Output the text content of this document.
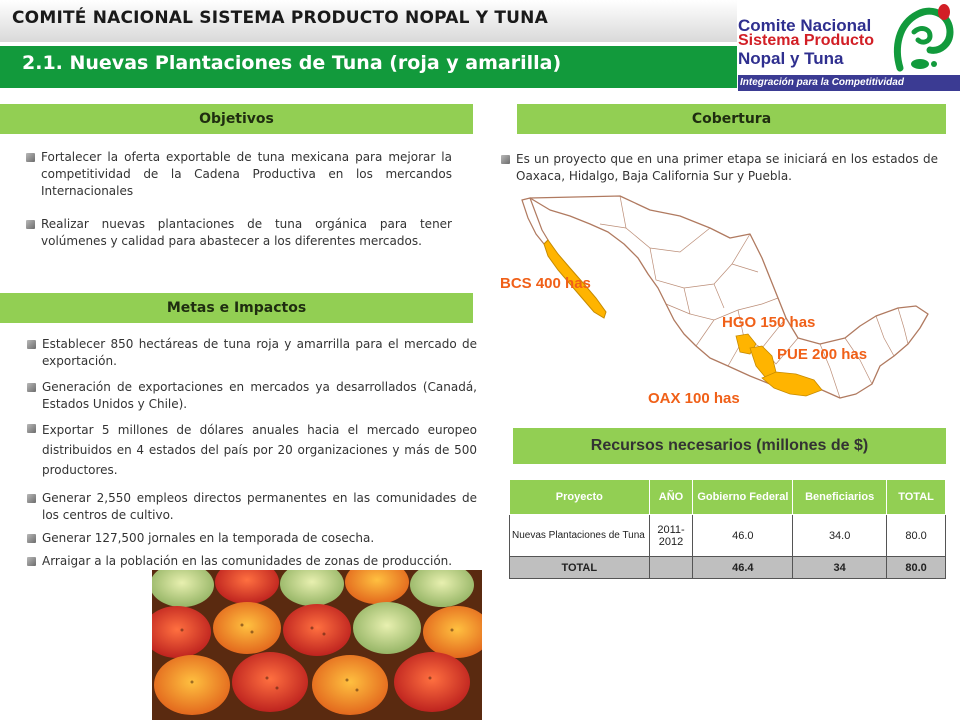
COMITÉ NACIONAL SISTEMA PRODUCTO NOPAL Y TUNA
2.1. Nuevas Plantaciones de Tuna (roja y amarilla)
Comite Nacional
Sistema Producto
Nopal y Tuna
Integración para la Competitividad
Objetivos
Fortalecer la oferta exportable de tuna mexicana para mejorar la competitividad de la Cadena Productiva en los mercandos Internacionales
Realizar nuevas plantaciones de tuna orgánica para tener volúmenes y calidad para abastecer a los diferentes mercados.
Metas e Impactos
Establecer 850 hectáreas de tuna roja y amarrilla para el mercado de exportación.
Generación de exportaciones en mercados ya desarrollados (Canadá, Estados Unidos y Chile).
Exportar 5 millones de dólares anuales hacia el mercado europeo distribuidos en 4 estados del país por 20 organizaciones y más de 500 productores.
Generar 2,550 empleos directos permanentes en las comunidades de los centros de cultivo.
Generar 127,500 jornales en la temporada de cosecha.
Arraigar a la población en las comunidades de zonas de producción.
Cobertura
Es un proyecto que en una primer etapa se iniciará en los estados de Oaxaca, Hidalgo, Baja California Sur y Puebla.
BCS 400 has
HGO 150 has
PUE 200 has
OAX 100 has
Recursos necesarios (millones de $)
Proyecto	AÑO	Gobierno Federal	Beneficiarios	TOTAL
Nuevas Plantaciones de Tuna	2011-2012	46.0	34.0	80.0
TOTAL		46.4	34	80.0
